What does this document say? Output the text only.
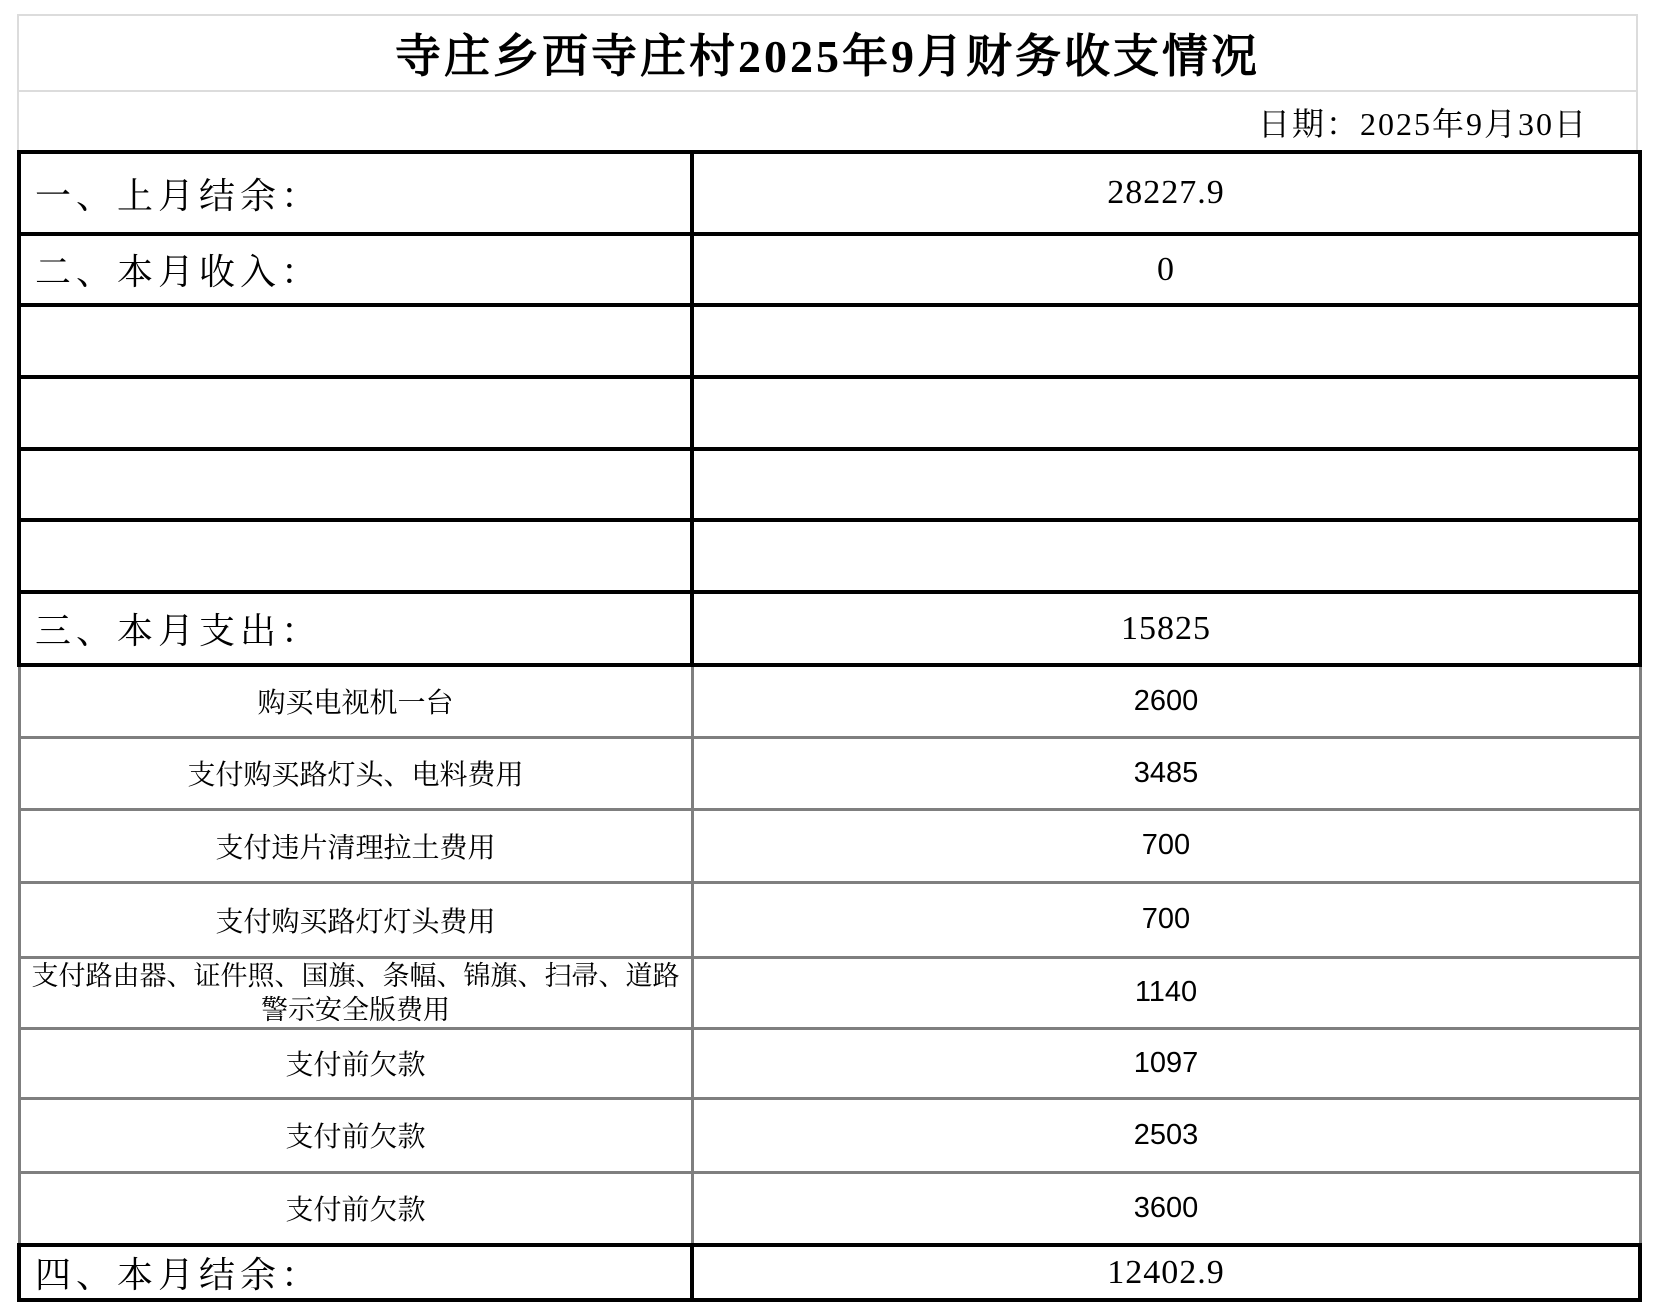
寺庄乡西寺庄村2025年9月财务收支情况
日期：2025年9月30日
一、上月结余：	28227.9
二、本月收入：	0

三、本月支出：	15825
购买电视机一台	2600
支付购买路灯头、电料费用	3485
支付违片清理拉土费用	700
支付购买路灯灯头费用	700
支付路由器、证件照、国旗、条幅、锦旗、扫帚、道路警示安全版费用	1140
支付前欠款	1097
支付前欠款	2503
支付前欠款	3600
四、本月结余：	12402.9
